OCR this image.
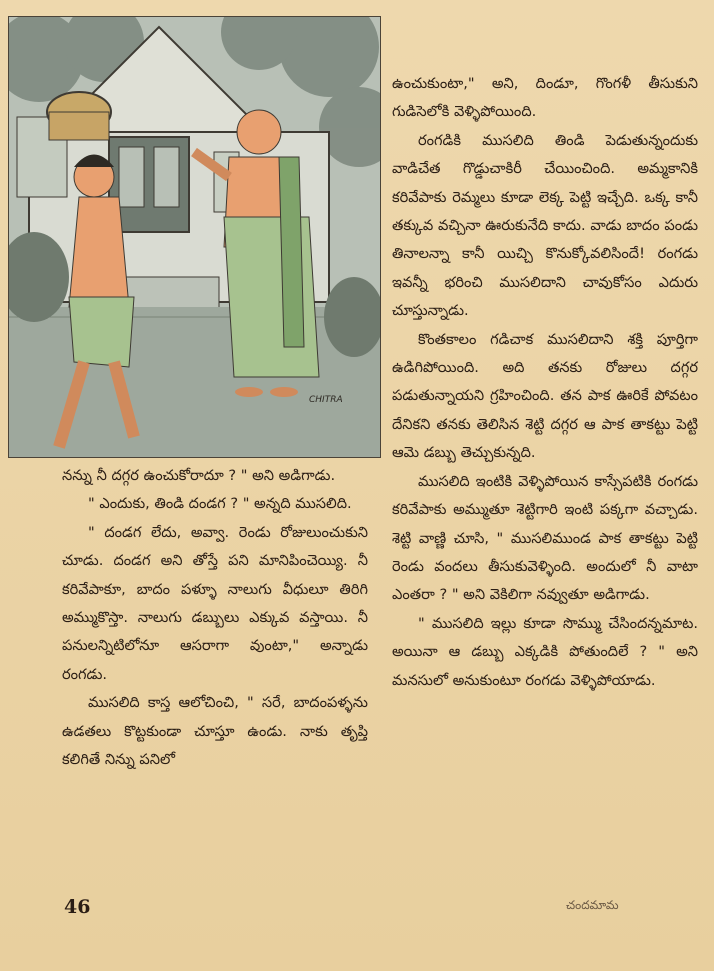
CHITRA

ఉంచుకుంటా," అని, దిండూ, గొంగళీ తీసుకుని గుడిసెలోకి వెళ్ళిపోయింది.

రంగడికి ముసలిది తిండి పెడుతున్నందుకు వాడిచేత గొడ్డుచాకిరీ చేయించింది. అమ్మకానికి కరివేపాకు రెమ్మలు కూడా లెక్క పెట్టి ఇచ్చేది. ఒక్క కానీ తక్కువ వచ్చినా ఊరుకునేది కాదు. వాడు బాదం పండు తినాలన్నా కానీ యిచ్చి కొనుక్కోవలిసిందే! రంగడు ఇవన్నీ భరించి ముసలిదాని చావుకోసం ఎదురు చూస్తున్నాడు.

కొంతకాలం గడిచాక ముసలిదాని శక్తి పూర్తిగా ఉడిగిపోయింది. అది తనకు రోజులు దగ్గర పడుతున్నాయని గ్రహించింది. తన పాక ఊరికే పోవటం దేనికని తనకు తెలిసిన శెట్టి దగ్గర ఆ పాక తాకట్టు పెట్టి ఆమె డబ్బు తెచ్చుకున్నది.

ముసలిది ఇంటికి వెళ్ళిపోయిన కాస్సేపటికి రంగడు కరివేపాకు అమ్ముతూ శెట్టిగారి ఇంటి పక్కగా వచ్చాడు. శెట్టి వాణ్ణి చూసి, " ముసలిముండ పాక తాకట్టు పెట్టి రెండు వందలు తీసుకువెళ్ళింది. అందులో నీ వాటా ఎంతరా ? " అని వెకిలిగా నవ్వుతూ అడిగాడు.

" ముసలిది ఇల్లు కూడా సొమ్ము చేసిందన్నమాట. అయినా ఆ డబ్బు ఎక్కడికి పోతుందిలే ? " అని మనసులో అనుకుంటూ రంగడు వెళ్ళిపోయాడు.

నన్ను నీ దగ్గర ఉంచుకోరాదూ ? " అని అడిగాడు.

" ఎందుకు, తిండి దండగ ? " అన్నది ముసలిది.

" దండగ లేదు, అవ్వా. రెండు రోజులుంచుకుని చూడు. దండగ అని తోస్తే పని మానిపించెయ్యి. నీ కరివేపాకూ, బాదం పళ్ళూ నాలుగు వీధులూ తిరిగి అమ్ముకొస్తా. నాలుగు డబ్బులు ఎక్కువ వస్తాయి. నీ పనులన్నిటిలోనూ ఆసరాగా వుంటా," అన్నాడు రంగడు.

ముసలిది కాస్త ఆలోచించి, " సరే, బాదంపళ్ళను ఉడతలు కొట్టకుండా చూస్తూ ఉండు. నాకు తృప్తి కలిగితే నిన్ను పనిలో

46	చందమామ
